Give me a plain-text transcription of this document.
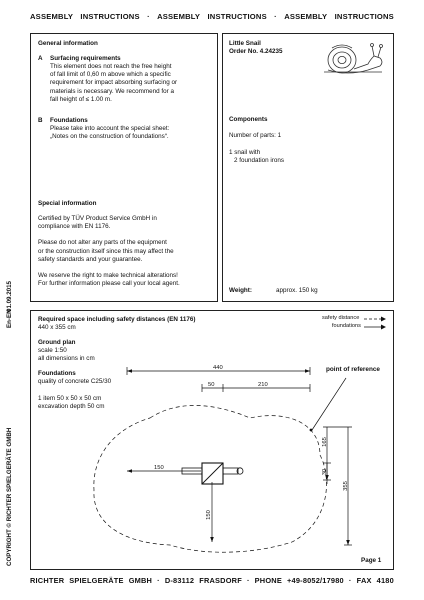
ASSEMBLY INSTRUCTIONS · ASSEMBLY INSTRUCTIONS · ASSEMBLY INSTRUCTIONS
En-EN
01.09.2015
COPYRIGHT © RICHTER SPIELGERÄTE GMBH
General information
A Surfacing requirements
This element does not reach the free height
of fall limit of 0,60 m above which a specific
requirement for impact absorbing surfacing or
materials is necessary. We recommend for a
fall height of ≤ 1.00 m.
B Foundations
Please take into account the special sheet:
„Notes on the construction of foundations“.
Special information
Certified by TÜV Product Service GmbH in
compliance with EN 1176.
Please do not alter any parts of the equipment
or the construction itself since this may affect the
safety standards and your guarantee.
We reserve the right to make technical alterations!
For further information please call your local agent.
Little Snail
Order No. 4.24235
Components
Number of parts: 1
1 snail with
2 foundation irons
Weight:	approx. 150 kg
Required space including safety distances (EN 1176)
440 x 355 cm
Ground plan
scale 1:50
all dimensions in cm
Foundations
quality of concrete C25/30
1 item 50 x 50 x 50 cm
excavation depth 50 cm
safety distance
foundations
point of reference
440
50	210
150
165
30
355
150
Page 1
RICHTER SPIELGERÄTE GMBH · D-83112 FRASDORF · PHONE +49-8052/17980 · FAX 4180
